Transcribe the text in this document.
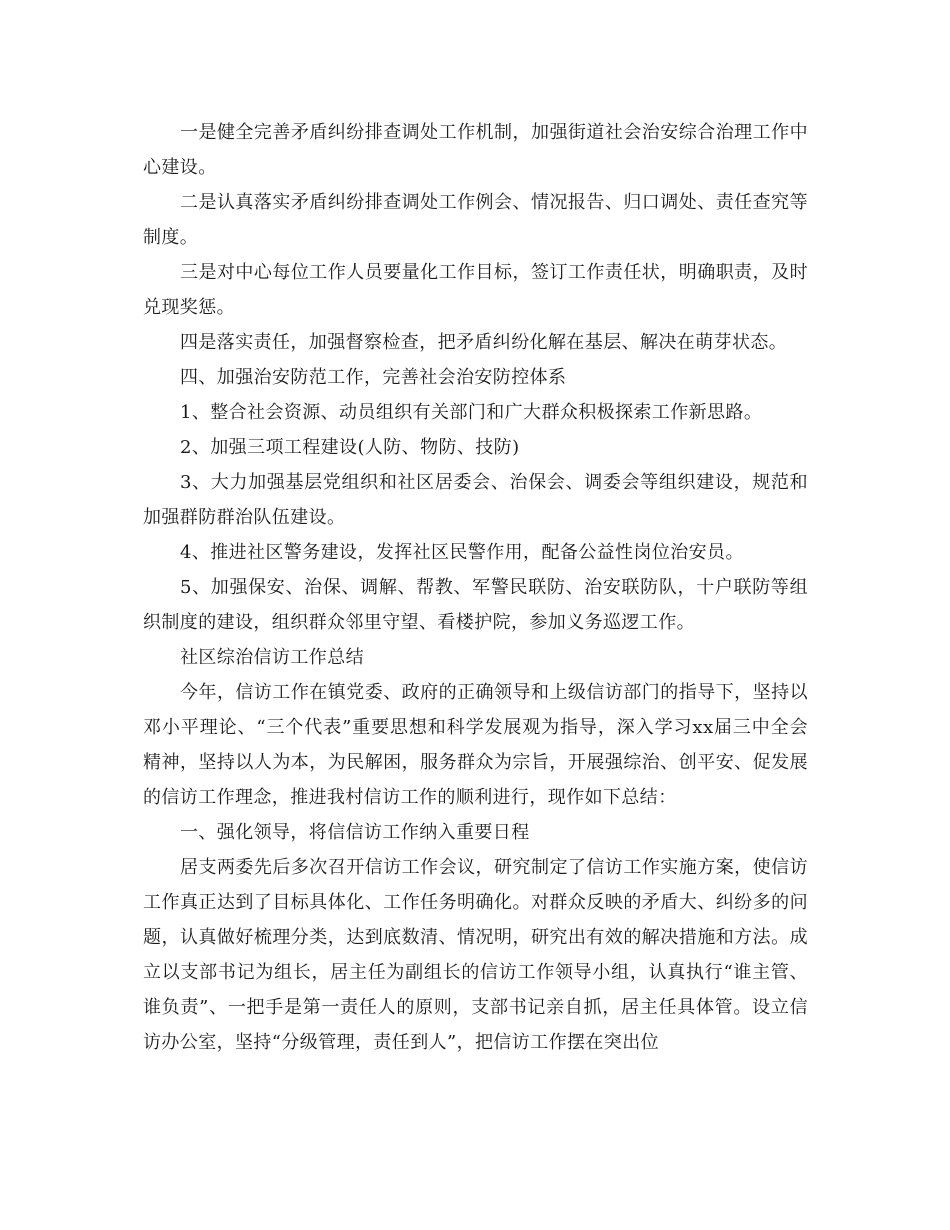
一是健全完善矛盾纠纷排查调处工作机制，加强街道社会治安综合治理工作中心建设。

二是认真落实矛盾纠纷排查调处工作例会、情况报告、归口调处、责任查究等制度。

三是对中心每位工作人员要量化工作目标，签订工作责任状，明确职责，及时兑现奖惩。

四是落实责任，加强督察检查，把矛盾纠纷化解在基层、解决在萌芽状态。

四、加强治安防范工作，完善社会治安防控体系

1、整合社会资源、动员组织有关部门和广大群众积极探索工作新思路。

2、加强三项工程建设(人防、物防、技防)

3、大力加强基层党组织和社区居委会、治保会、调委会等组织建设，规范和加强群防群治队伍建设。

4、推进社区警务建设，发挥社区民警作用，配备公益性岗位治安员。

5、加强保安、治保、调解、帮教、军警民联防、治安联防队，十户联防等组织制度的建设，组织群众邻里守望、看楼护院，参加义务巡逻工作。

社区综治信访工作总结

今年，信访工作在镇党委、政府的正确领导和上级信访部门的指导下，坚持以邓小平理论、“三个代表”重要思想和科学发展观为指导，深入学习xx届三中全会精神，坚持以人为本，为民解困，服务群众为宗旨，开展强综治、创平安、促发展的信访工作理念，推进我村信访工作的顺利进行，现作如下总结：

一、强化领导，将信信访工作纳入重要日程

居支两委先后多次召开信访工作会议，研究制定了信访工作实施方案，使信访工作真正达到了目标具体化、工作任务明确化。对群众反映的矛盾大、纠纷多的问题，认真做好梳理分类，达到底数清、情况明，研究出有效的解决措施和方法。成立以支部书记为组长，居主任为副组长的信访工作领导小组，认真执行“谁主管、谁负责”、一把手是第一责任人的原则，支部书记亲自抓，居主任具体管。设立信访办公室，坚持“分级管理，责任到人”，把信访工作摆在突出位
